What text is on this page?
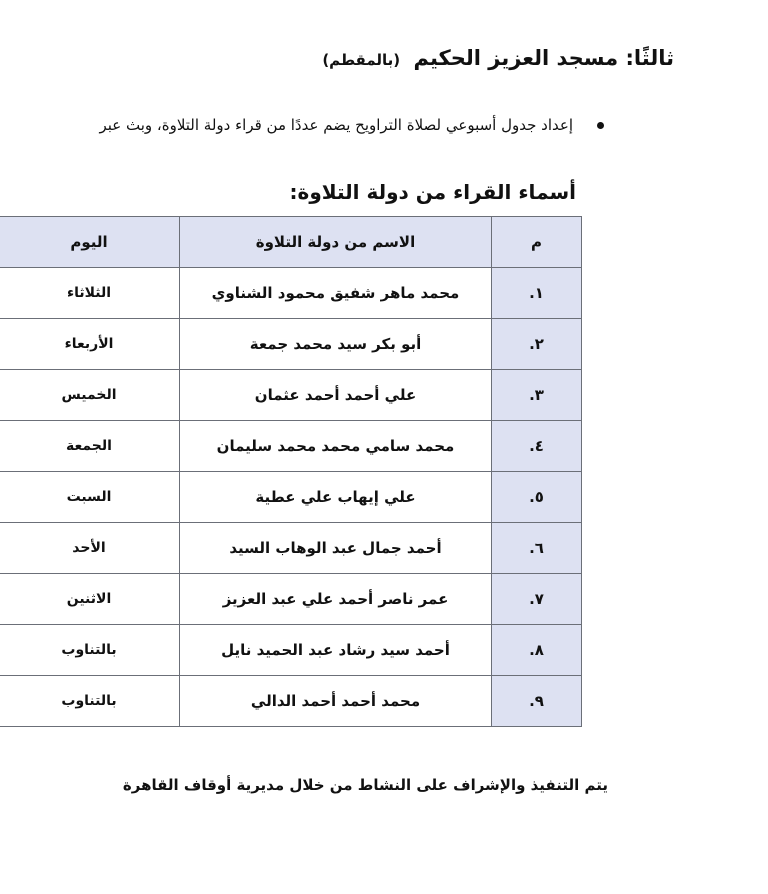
ثالثًا: مسجد العزيز الحكيم (بالمقطم)
إعداد جدول أسبوعي لصلاة التراويح يضم عددًا من قراء دولة التلاوة، وبث عبر
أسماء القراء من دولة التلاوة:
م	الاسم من دولة التلاوة	اليوم
١.	محمد ماهر شفيق محمود الشناوي	الثلاثاء
٢.	أبو بكر سيد محمد جمعة	الأربعاء
٣.	علي أحمد أحمد عثمان	الخميس
٤.	محمد سامي محمد محمد سليمان	الجمعة
٥.	علي إيهاب علي عطية	السبت
٦.	أحمد جمال عبد الوهاب السيد	الأحد
٧.	عمر ناصر أحمد علي عبد العزيز	الاثنين
٨.	أحمد سيد رشاد عبد الحميد نايل	بالتناوب
٩.	محمد أحمد أحمد الدالي	بالتناوب
يتم التنفيذ والإشراف على النشاط من خلال مديرية أوقاف القاهرة
